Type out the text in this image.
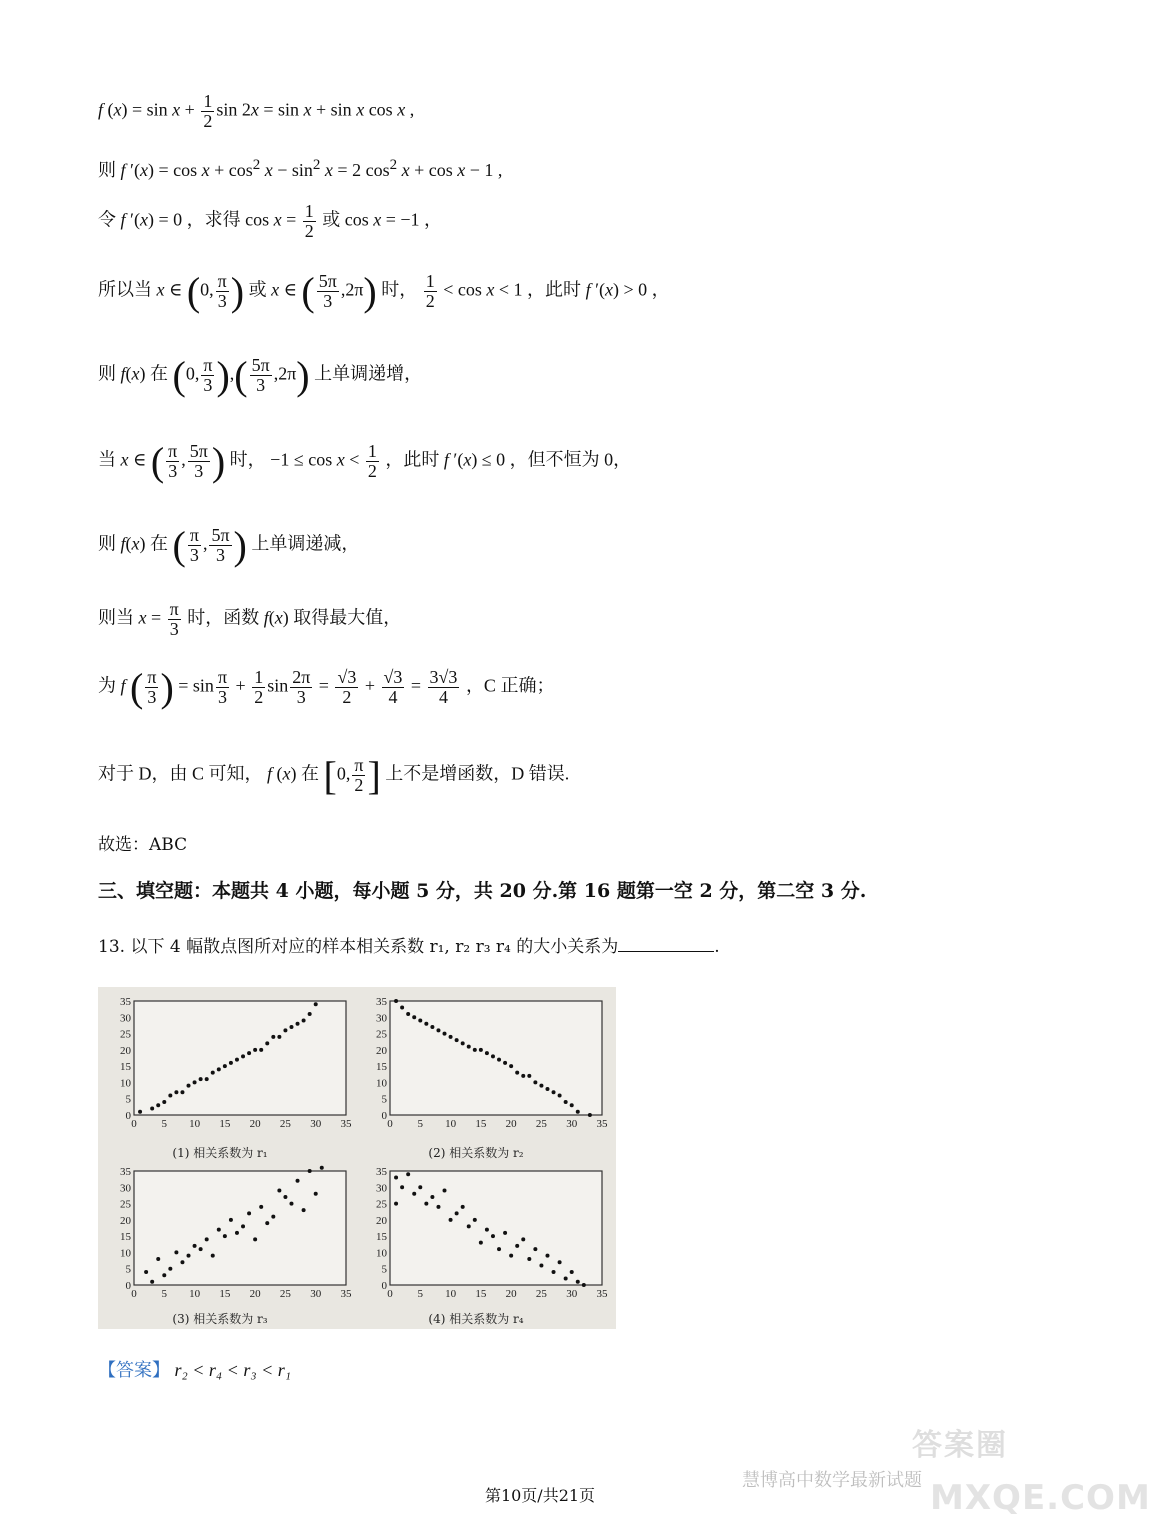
f $(x) = \sin x + \frac{1}{2}$ sin 2x = sin x + sin x cos x ,
则 f $'(x) = \cos x + \cos^2 x - \sin^2 x = 2$ $\cos^2 x + \cos x - 1$ ,
令 f ′(x) = 0 ，求得 $\cos x = \frac{1}{2}$ 或 cos x = −1 ，
所以当 x ∈ (0, $\frac{\pi}{3}$ ) 或 x ∈ ( $\frac{5\pi}{3} ,2\pi$) 时， $\frac{1}{2} < \cos x < 1$ ，此时 f ′(x) > 0 ，
则 f(x) 在 (0, $\frac{\pi}{3}$ ),( $\frac{5\pi}{3} ,2\pi$) 上单调递增，
当 x ∈ ( $\frac{\pi}{3}$ , $\frac{5\pi}{3}$ ) 时， $-1 \le \cos x < \frac{1}{2}$ ，此时 f ′(x) ≤ 0 ，但不恒为 0，
则 f(x) 在 ( $\frac{\pi}{3}$ , $\frac{5\pi}{3}$ ) 上单调递减，
则当 $x = \frac{\pi}{3}$ 时，函数 f(x) 取得最大值，
为 f ( $\frac{\pi}{3}$ ) = $\sin \frac{\pi}{3} + \frac{1}{2}$ $\sin \frac{2\pi}{3} = \frac{√3}{2} + \frac{√3}{4} = \frac{3√3}{4}$ ，C 正确；
对于 D，由 C 可知， f (x) 在 [0, $\frac{\pi}{2}$ ] 上不是增函数，D 错误.
故选：ABC
三、填空题：本题共 4 小题，每小题 5 分，共 20 分.第 16 题第一空 2 分，第二空 3 分.
13. 以下 4 幅散点图所对应的样本相关系数 r₁, r₂ r₃ r₄ 的大小关系为	.
0
0
5
5
10
10
15
15
20
20
25
25
30
30
35
35
(1) 相关系数为 r₁
0
0
5
5
10
10
15
15
20
20
25
25
30
30
35
35
(2) 相关系数为 r₂
0
0
5
5
10
10
15
15
20
20
25
25
30
30
35
35
(3) 相关系数为 r₃
0
0
5
5
10
10
15
15
20
20
25
25
30
30
35
35
(4) 相关系数为 r₄
【答案】 r₂ < r₄ < r₃ < r₁
答案圈
MXQE.COM
慧博高中数学最新试题
第10页/共21页
